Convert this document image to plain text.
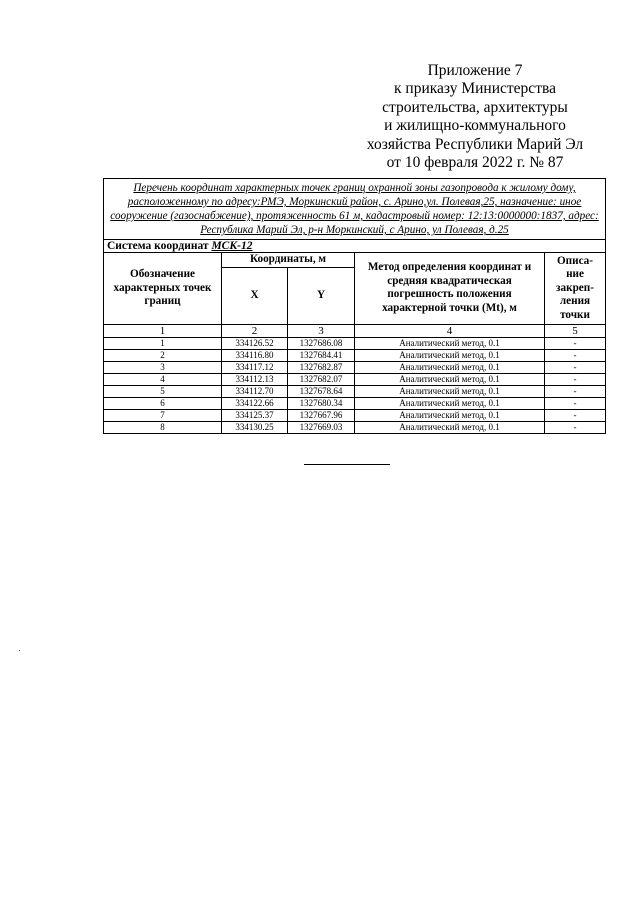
Приложение 7
к приказу Министерства
строительства, архитектуры
и жилищно-коммунального
хозяйства Республики Марий Эл
от 10 февраля 2022 г. № 87
Перечень координат характерных точек границ охранной зоны газопровода к жилому дому, расположенному по адресу:РМЭ, Моркинский район, с. Арино,ул. Полевая,25, назначение: иное сооружение (газоснабжение), протяженность 61 м, кадастровый номер: 12:13:0000000:1837, адрес: Республика Марий Эл, р-н Моркинский, с Арино, ул Полевая, д.25				
Система координат МСК-12				
Обозначение характерных точек границ	Координаты, м		Метод определения координат и средняя квадратическая погрешность положения характерной точки (Mt), м	Описа-ние закреп-ления точки
	X	Y		
1	2	3	4	5
1	334126.52	1327686.08	Аналитический метод, 0.1	-
2	334116.80	1327684.41	Аналитический метод, 0.1	-
3	334117.12	1327682.87	Аналитический метод, 0.1	-
4	334112.13	1327682.07	Аналитический метод, 0.1	-
5	334112.70	1327678.64	Аналитический метод, 0.1	-
6	334122.66	1327680.34	Аналитический метод, 0.1	-
7	334125.37	1327667.96	Аналитический метод, 0.1	-
8	334130.25	1327669.03	Аналитический метод, 0.1	-
